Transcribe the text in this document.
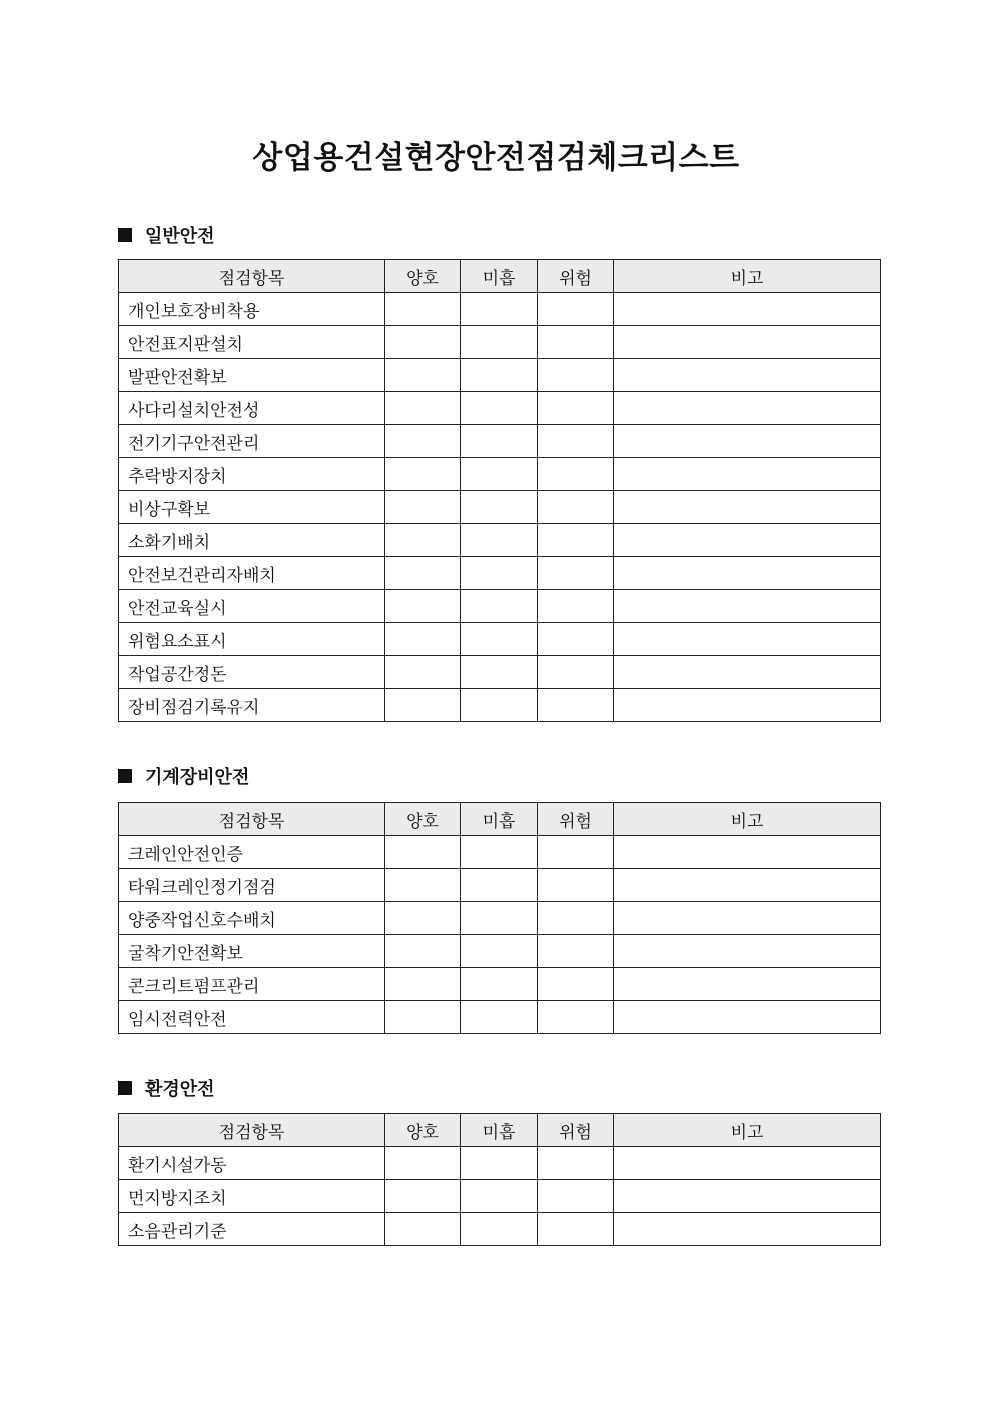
상업용건설현장안전점검체크리스트
일반안전
점검항목	양호	미흡	위험	비고
개인보호장비착용				
안전표지판설치				
발판안전확보				
사다리설치안전성				
전기기구안전관리				
추락방지장치				
비상구확보				
소화기배치				
안전보건관리자배치				
안전교육실시				
위험요소표시				
작업공간정돈				
장비점검기록유지				
기계장비안전
점검항목	양호	미흡	위험	비고
크레인안전인증				
타워크레인정기점검				
양중작업신호수배치				
굴착기안전확보				
콘크리트펌프관리				
임시전력안전				
환경안전
점검항목	양호	미흡	위험	비고
환기시설가동				
먼지방지조치				
소음관리기준				
